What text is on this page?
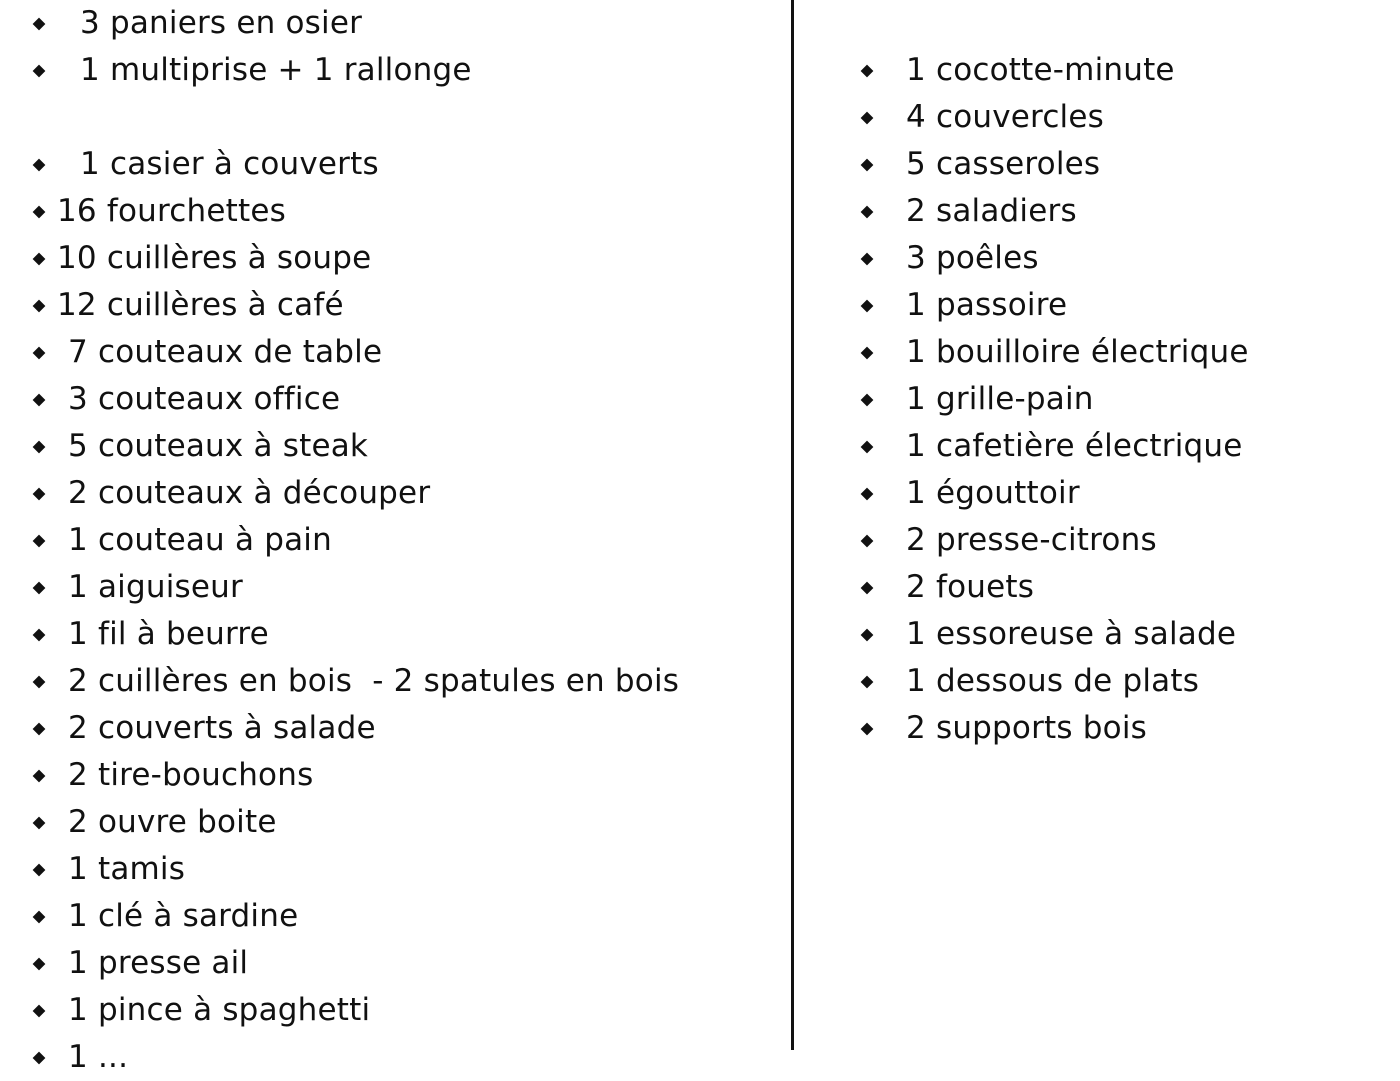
3 paniers en osier
1 multiprise + 1 rallonge
1 casier à couverts
16 fourchettes
10 cuillères à soupe
12 cuillères à café
7 couteaux de table
3 couteaux office
5 couteaux à steak
2 couteaux à découper
1 couteau à pain
1 aiguiseur
1 fil à beurre
2 cuillères en bois  - 2 spatules en bois
2 couverts à salade
2 tire-bouchons
2 ouvre boite
1 tamis
1 clé à sardine
1 presse ail
1 pince à spaghetti
1 ...
1 cocotte-minute
4 couvercles
5 casseroles
2 saladiers
3 poêles
1 passoire
1 bouilloire électrique
1 grille-pain
1 cafetière électrique
1 égouttoir
2 presse-citrons
2 fouets
1 essoreuse à salade
1 dessous de plats
2 supports bois
